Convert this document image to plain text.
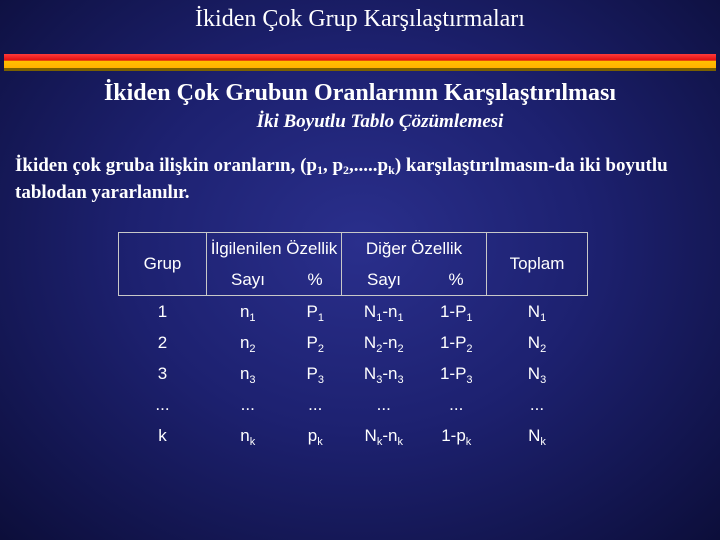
İkiden Çok Grup Karşılaştırmaları
İkiden Çok Grubun Oranlarının Karşılaştırılması
İki Boyutlu Tablo Çözümlemesi
İkiden çok gruba ilişkin oranların, ($p_1$, $p_2,.....p_k$) karşılaştırılmasın-da iki boyutlu tablodan yararlanılır.
Grup	İlgilenilen Özellik		Diğer Özellik		Toplam
	Sayı	%	Sayı	%	
1	$n_1$	$P_1$	$N_1-n_1$	$1-P_1$	$N_1$
2	$n_2$	$P_2$	$N_2-n_2$	$1-P_2$	$N_2$
3	$n_3$	$P_3$	$N_3-n_3$	$1-P_3$	$N_3$
...	...	...	...	...	...
k	$n_k$	$p_k$	$N_k-n_k$	$1-p_k$	$N_k$
